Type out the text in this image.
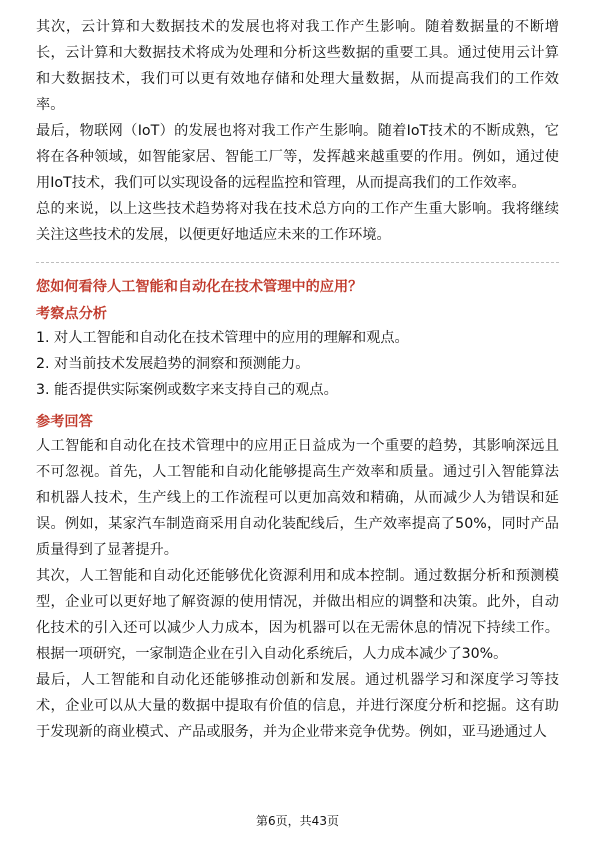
其次，云计算和大数据技术的发展也将对我工作产生影响。随着数据量的不断增长，云计算和大数据技术将成为处理和分析这些数据的重要工具。通过使用云计算和大数据技术，我们可以更有效地存储和处理大量数据，从而提高我们的工作效率。

最后，物联网（IoT）的发展也将对我工作产生影响。随着IoT技术的不断成熟，它将在各种领域，如智能家居、智能工厂等，发挥越来越重要的作用。例如，通过使用IoT技术，我们可以实现设备的远程监控和管理，从而提高我们的工作效率。

总的来说，以上这些技术趋势将对我在技术总方向的工作产生重大影响。我将继续关注这些技术的发展，以便更好地适应未来的工作环境。

您如何看待人工智能和自动化在技术管理中的应用？

考察点分析

1. 对人工智能和自动化在技术管理中的应用的理解和观点。

2. 对当前技术发展趋势的洞察和预测能力。

3. 能否提供实际案例或数字来支持自己的观点。

参考回答

人工智能和自动化在技术管理中的应用正日益成为一个重要的趋势，其影响深远且不可忽视。首先，人工智能和自动化能够提高生产效率和质量。通过引入智能算法和机器人技术，生产线上的工作流程可以更加高效和精确，从而减少人为错误和延误。例如，某家汽车制造商采用自动化装配线后，生产效率提高了50%，同时产品质量得到了显著提升。

其次，人工智能和自动化还能够优化资源利用和成本控制。通过数据分析和预测模型，企业可以更好地了解资源的使用情况，并做出相应的调整和决策。此外，自动化技术的引入还可以减少人力成本，因为机器可以在无需休息的情况下持续工作。根据一项研究，一家制造企业在引入自动化系统后，人力成本减少了30%。

最后，人工智能和自动化还能够推动创新和发展。通过机器学习和深度学习等技术，企业可以从大量的数据中提取有价值的信息，并进行深度分析和挖掘。这有助于发现新的商业模式、产品或服务，并为企业带来竞争优势。例如，亚马逊通过人

第6页，共43页
